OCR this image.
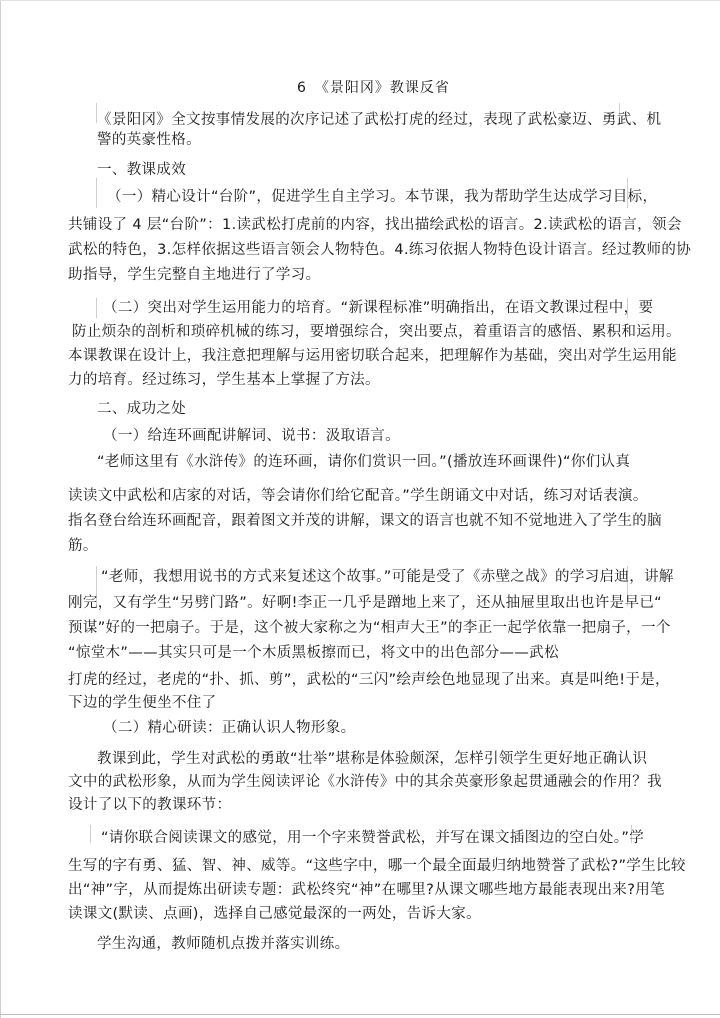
6　《景阳冈》教课反省
《景阳冈》全文按事情发展的次序记述了武松打虎的经过，表现了武松豪迈、勇武、机
警的英豪性格。
一、教课成效
（一）精心设计“台阶”，促进学生自主学习。本节课，我为帮助学生达成学习目标，
共铺设了 4 层“台阶”：1.读武松打虎前的内容，找出描绘武松的语言。2.读武松的语言，领会
武松的特色，3.怎样依据这些语言领会人物特色。4.练习依据人物特色设计语言。经过教师的协
助指导，学生完整自主地进行了学习。
（二）突出对学生运用能力的培育。“新课程标准”明确指出，在语文教课过程中，要
防止烦杂的剖析和琐碎机械的练习，要增强综合，突出要点，着重语言的感悟、累积和运用。
本课教课在设计上，我注意把理解与运用密切联合起来，把理解作为基础，突出对学生运用能
力的培育。经过练习，学生基本上掌握了方法。
二、成功之处
（一）给连环画配讲解词、说书：汲取语言。
“老师这里有《水浒传》的连环画，请你们赏识一回。”(播放连环画课件)“你们认真
读读文中武松和店家的对话，等会请你们给它配音。”学生朗诵文中对话，练习对话表演。
指名登台给连环画配音，跟着图文并茂的讲解，课文的语言也就不知不觉地进入了学生的脑
筋。
“老师，我想用说书的方式来复述这个故事。”可能是受了《赤壁之战》的学习启迪，讲解
刚完，又有学生“另劈门路”。好啊!李正一几乎是蹭地上来了，还从抽屉里取出也许是早已“
预谋”好的一把扇子。于是，这个被大家称之为“相声大王”的李正一起学依靠一把扇子，一个
“惊堂木”——其实只可是一个木质黑板擦而已，将文中的出色部分——武松
打虎的经过，老虎的“扑、抓、剪”，武松的“三闪”绘声绘色地显现了出来。真是叫绝!于是，
下边的学生便坐不住了
（二）精心研读：正确认识人物形象。
教课到此，学生对武松的勇敢“壮举”堪称是体验颇深，怎样引领学生更好地正确认识
文中的武松形象，从而为学生阅读评论《水浒传》中的其余英豪形象起贯通融会的作用？我
设计了以下的教课环节：
“请你联合阅读课文的感觉，用一个字来赞誉武松，并写在课文插图边的空白处。”学
生写的字有勇、猛、智、神、威等。“这些字中，哪一个最全面最归纳地赞誉了武松?”学生比较
出“神”字，从而提炼出研读专题：武松终究“神”在哪里?从课文哪些地方最能表现出来?用笔
读课文(默读、点画)，选择自己感觉最深的一两处，告诉大家。
学生沟通，教师随机点拨并落实训练。
